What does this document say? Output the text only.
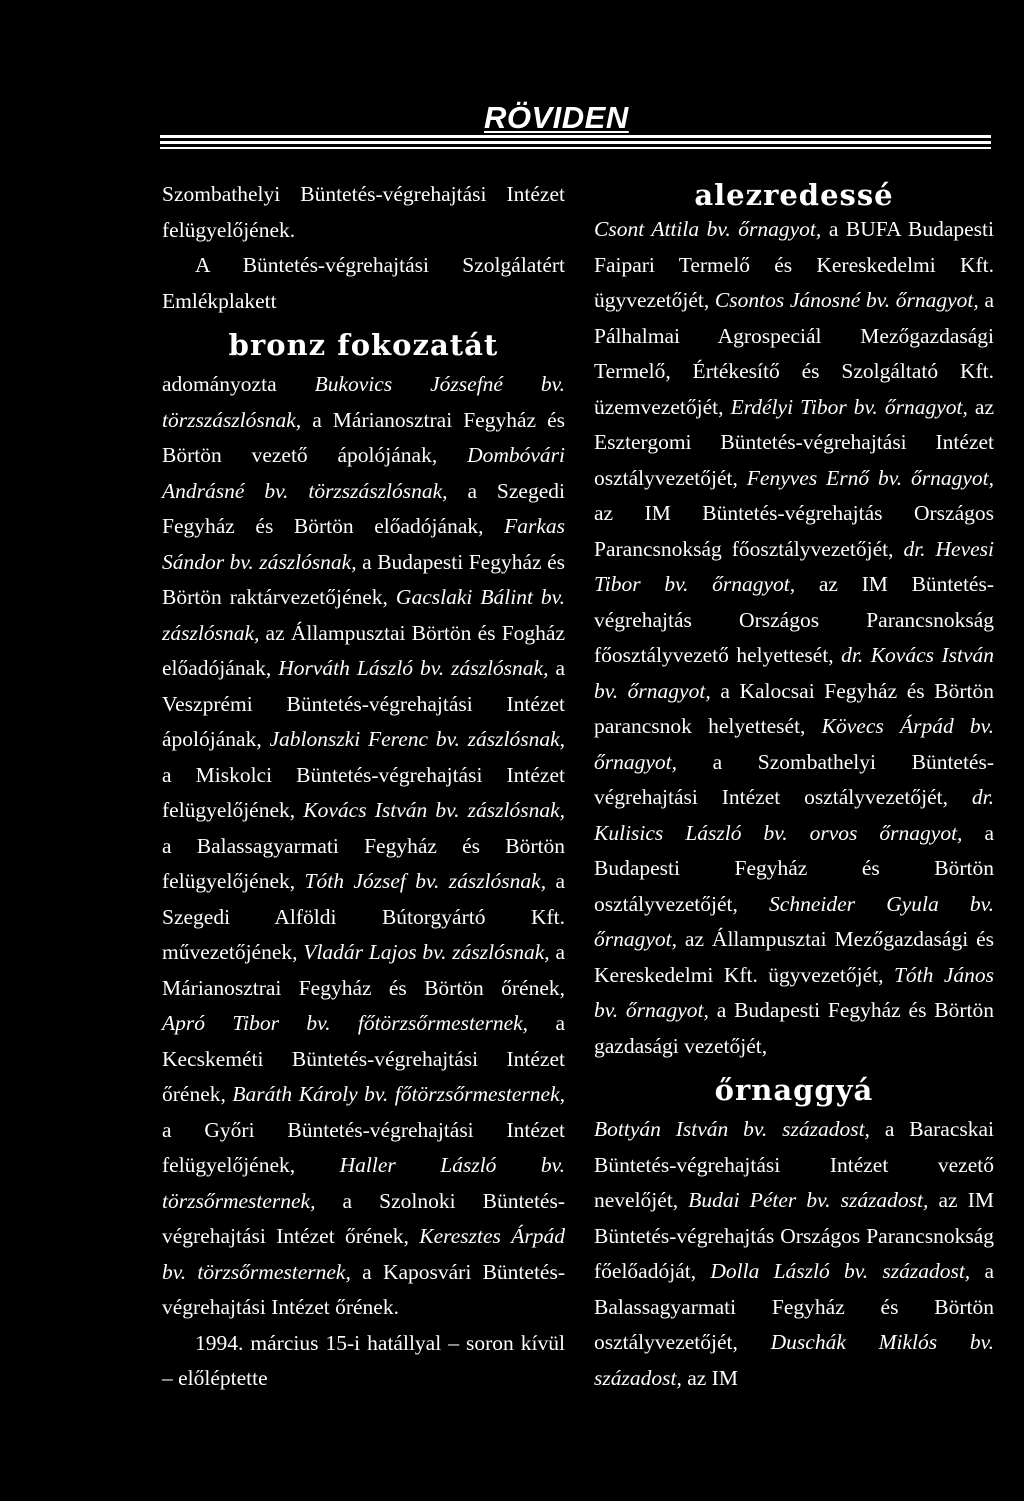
RÖVIDEN

Szombathelyi Büntetés-végrehajtási Intézet felügyelőjének.

A Büntetés-végrehajtási Szolgálatért Emlékplakett

bronz fokozatát

adományozta Bukovics Józsefné bv. törzszászlósnak, a Márianosztrai Fegyház és Börtön vezető ápolójának, Dombóvári Andrásné bv. törzszászlósnak, a Szegedi Fegyház és Börtön előadójának, Farkas Sándor bv. zászlósnak, a Budapesti Fegyház és Börtön raktárvezetőjének, Gacslaki Bálint bv. zászlósnak, az Állampusztai Börtön és Fogház előadójának, Horváth László bv. zászlósnak, a Veszprémi Büntetés-végrehajtási Intézet ápolójának, Jablonszki Ferenc bv. zászlósnak, a Miskolci Büntetés-végrehajtási Intézet felügyelőjének, Kovács István bv. zászlósnak, a Balassagyarmati Fegyház és Börtön felügyelőjének, Tóth József bv. zászlósnak, a Szegedi Alföldi Bútorgyártó Kft. művezetőjének, Vladár Lajos bv. zászlósnak, a Márianosztrai Fegyház és Börtön őrének, Apró Tibor bv. főtörzsőrmesternek, a Kecskeméti Büntetés-végrehajtási Intézet őrének, Baráth Károly bv. főtörzsőrmesternek, a Győri Büntetés-végrehajtási Intézet felügyelőjének, Haller László bv. törzsőrmesternek, a Szolnoki Büntetés-végrehajtási Intézet őrének, Keresztes Árpád bv. törzsőrmesternek, a Kaposvári Büntetés-végrehajtási Intézet őrének.

1994. március 15-i hatállyal – soron kívül – előléptette

alezredessé

Csont Attila bv. őrnagyot, a BUFA Budapesti Faipari Termelő és Kereskedelmi Kft. ügyvezetőjét, Csontos Jánosné bv. őrnagyot, a Pálhalmai Agrospeciál Mezőgazdasági Termelő, Értékesítő és Szolgáltató Kft. üzemvezetőjét, Erdélyi Tibor bv. őrnagyot, az Esztergomi Büntetés-végrehajtási Intézet osztályvezetőjét, Fenyves Ernő bv. őrnagyot, az IM Büntetés-végrehajtás Országos Parancsnokság főosztályvezetőjét, dr. Hevesi Tibor bv. őrnagyot, az IM Büntetés-végrehajtás Országos Parancsnokság főosztályvezető helyettesét, dr. Kovács István bv. őrnagyot, a Kalocsai Fegyház és Börtön parancsnok helyettesét, Kövecs Árpád bv. őrnagyot, a Szombathelyi Büntetés-végrehajtási Intézet osztályvezetőjét, dr. Kulisics László bv. orvos őrnagyot, a Budapesti Fegyház és Börtön osztályvezetőjét, Schneider Gyula bv. őrnagyot, az Állampusztai Mezőgazdasági és Kereskedelmi Kft. ügyvezetőjét, Tóth János bv. őrnagyot, a Budapesti Fegyház és Börtön gazdasági vezetőjét,

őrnaggyá

Bottyán István bv. századost, a Baracskai Büntetés-végrehajtási Intézet vezető nevelőjét, Budai Péter bv. századost, az IM Büntetés-végrehajtás Országos Parancsnokság főelőadóját, Dolla László bv. századost, a Balassagyarmati Fegyház és Börtön osztályvezetőjét, Duschák Miklós bv. századost, az IM
